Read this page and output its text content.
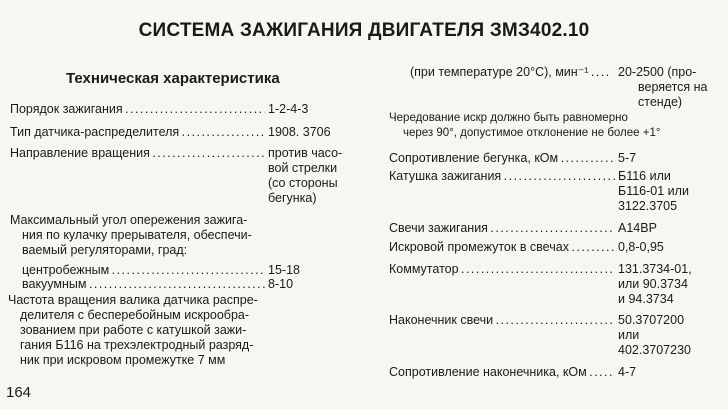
СИСТЕМА ЗАЖИГАНИЯ ДВИГАТЕЛЯ ЗМЗ402.10
Техническая характеристика
Порядок зажигания . . .	1-2-4-3
Тип датчика-распределителя . . .	1908. 3706
Направление вращения . . .	против часо-
вой стрелки
(со стороны
бегунка)
Максимальный угол опережения зажига-
ния по кулачку прерывателя, обеспечи-
ваемый регуляторами, град:
центробежным . . .	15-18
вакуумным . . .	8-10
Частота вращения валика датчика распре-
делителя с бесперебойным искрообра-
зованием при работе с катушкой зажи-
гания Б116 на трехэлектродный разряд-
ник при искровом промежутке 7 мм
164
(при температуре 20°С), мин⁻¹ . . .	20-2500 (про-
веряется на
стенде)
Чередование искр должно быть равномерно
через 90°, допустимое отклонение не более +1°
Сопротивление бегунка, кОм . . .	5-7
Катушка зажигания . . .	Б116 или
Б116-01 или
3122.3705
Свечи зажигания . . .	А14ВР
Искровой промежуток в свечах . . .	0,8-0,95
Коммутатор . . .	131.3734-01,
или 90.3734
и 94.3734
Наконечник свечи . . .	50.3707200
или
402.3707230
Сопротивление наконечника, кОм . . .	4-7
